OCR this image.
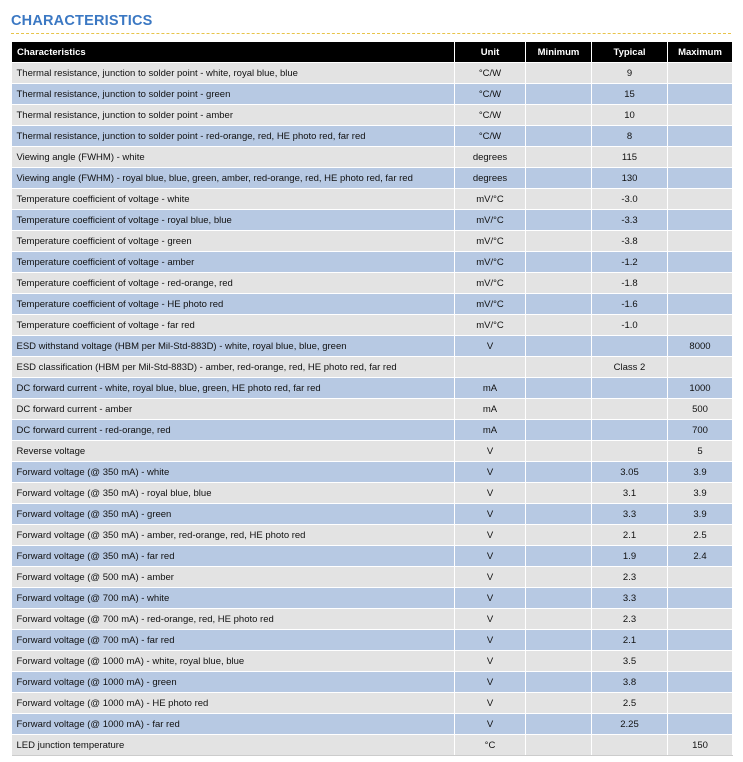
CHARACTERISTICS
Characteristics	Unit	Minimum	Typical	Maximum
Thermal resistance, junction to solder point - white, royal blue, blue	°C/W		9	
Thermal resistance, junction to solder point - green	°C/W		15	
Thermal resistance, junction to solder point - amber	°C/W		10	
Thermal resistance, junction to solder point - red-orange, red, HE photo red, far red	°C/W		8	
Viewing angle (FWHM) - white	degrees		115	
Viewing angle (FWHM) - royal blue, blue, green, amber, red-orange, red, HE photo red, far red	degrees		130	
Temperature coefficient of voltage - white	mV/°C		-3.0	
Temperature coefficient of voltage - royal blue, blue	mV/°C		-3.3	
Temperature coefficient of voltage - green	mV/°C		-3.8	
Temperature coefficient of voltage - amber	mV/°C		-1.2	
Temperature coefficient of voltage - red-orange, red	mV/°C		-1.8	
Temperature coefficient of voltage - HE photo red	mV/°C		-1.6	
Temperature coefficient of voltage - far red	mV/°C		-1.0	
ESD withstand voltage (HBM per Mil-Std-883D) - white, royal blue, blue, green	V			8000
ESD classification (HBM per Mil-Std-883D) - amber, red-orange, red, HE photo red, far red			Class 2	
DC forward current - white, royal blue, blue, green, HE photo red, far red	mA			1000
DC forward current - amber	mA			500
DC forward current - red-orange, red	mA			700
Reverse voltage	V			5
Forward voltage (@ 350 mA) - white	V		3.05	3.9
Forward voltage (@ 350 mA) - royal blue, blue	V		3.1	3.9
Forward voltage (@ 350 mA) - green	V		3.3	3.9
Forward voltage (@ 350 mA) - amber, red-orange, red, HE photo red	V		2.1	2.5
Forward voltage (@ 350 mA) - far red	V		1.9	2.4
Forward voltage (@ 500 mA) - amber	V		2.3	
Forward voltage (@ 700 mA) - white	V		3.3	
Forward voltage (@ 700 mA) - red-orange, red, HE photo red	V		2.3	
Forward voltage (@ 700 mA) - far red	V		2.1	
Forward voltage (@ 1000 mA) - white, royal blue, blue	V		3.5	
Forward voltage (@ 1000 mA) - green	V		3.8	
Forward voltage (@ 1000 mA) - HE photo red	V		2.5	
Forward voltage (@ 1000 mA) - far red	V		2.25	
LED junction temperature	°C			150
